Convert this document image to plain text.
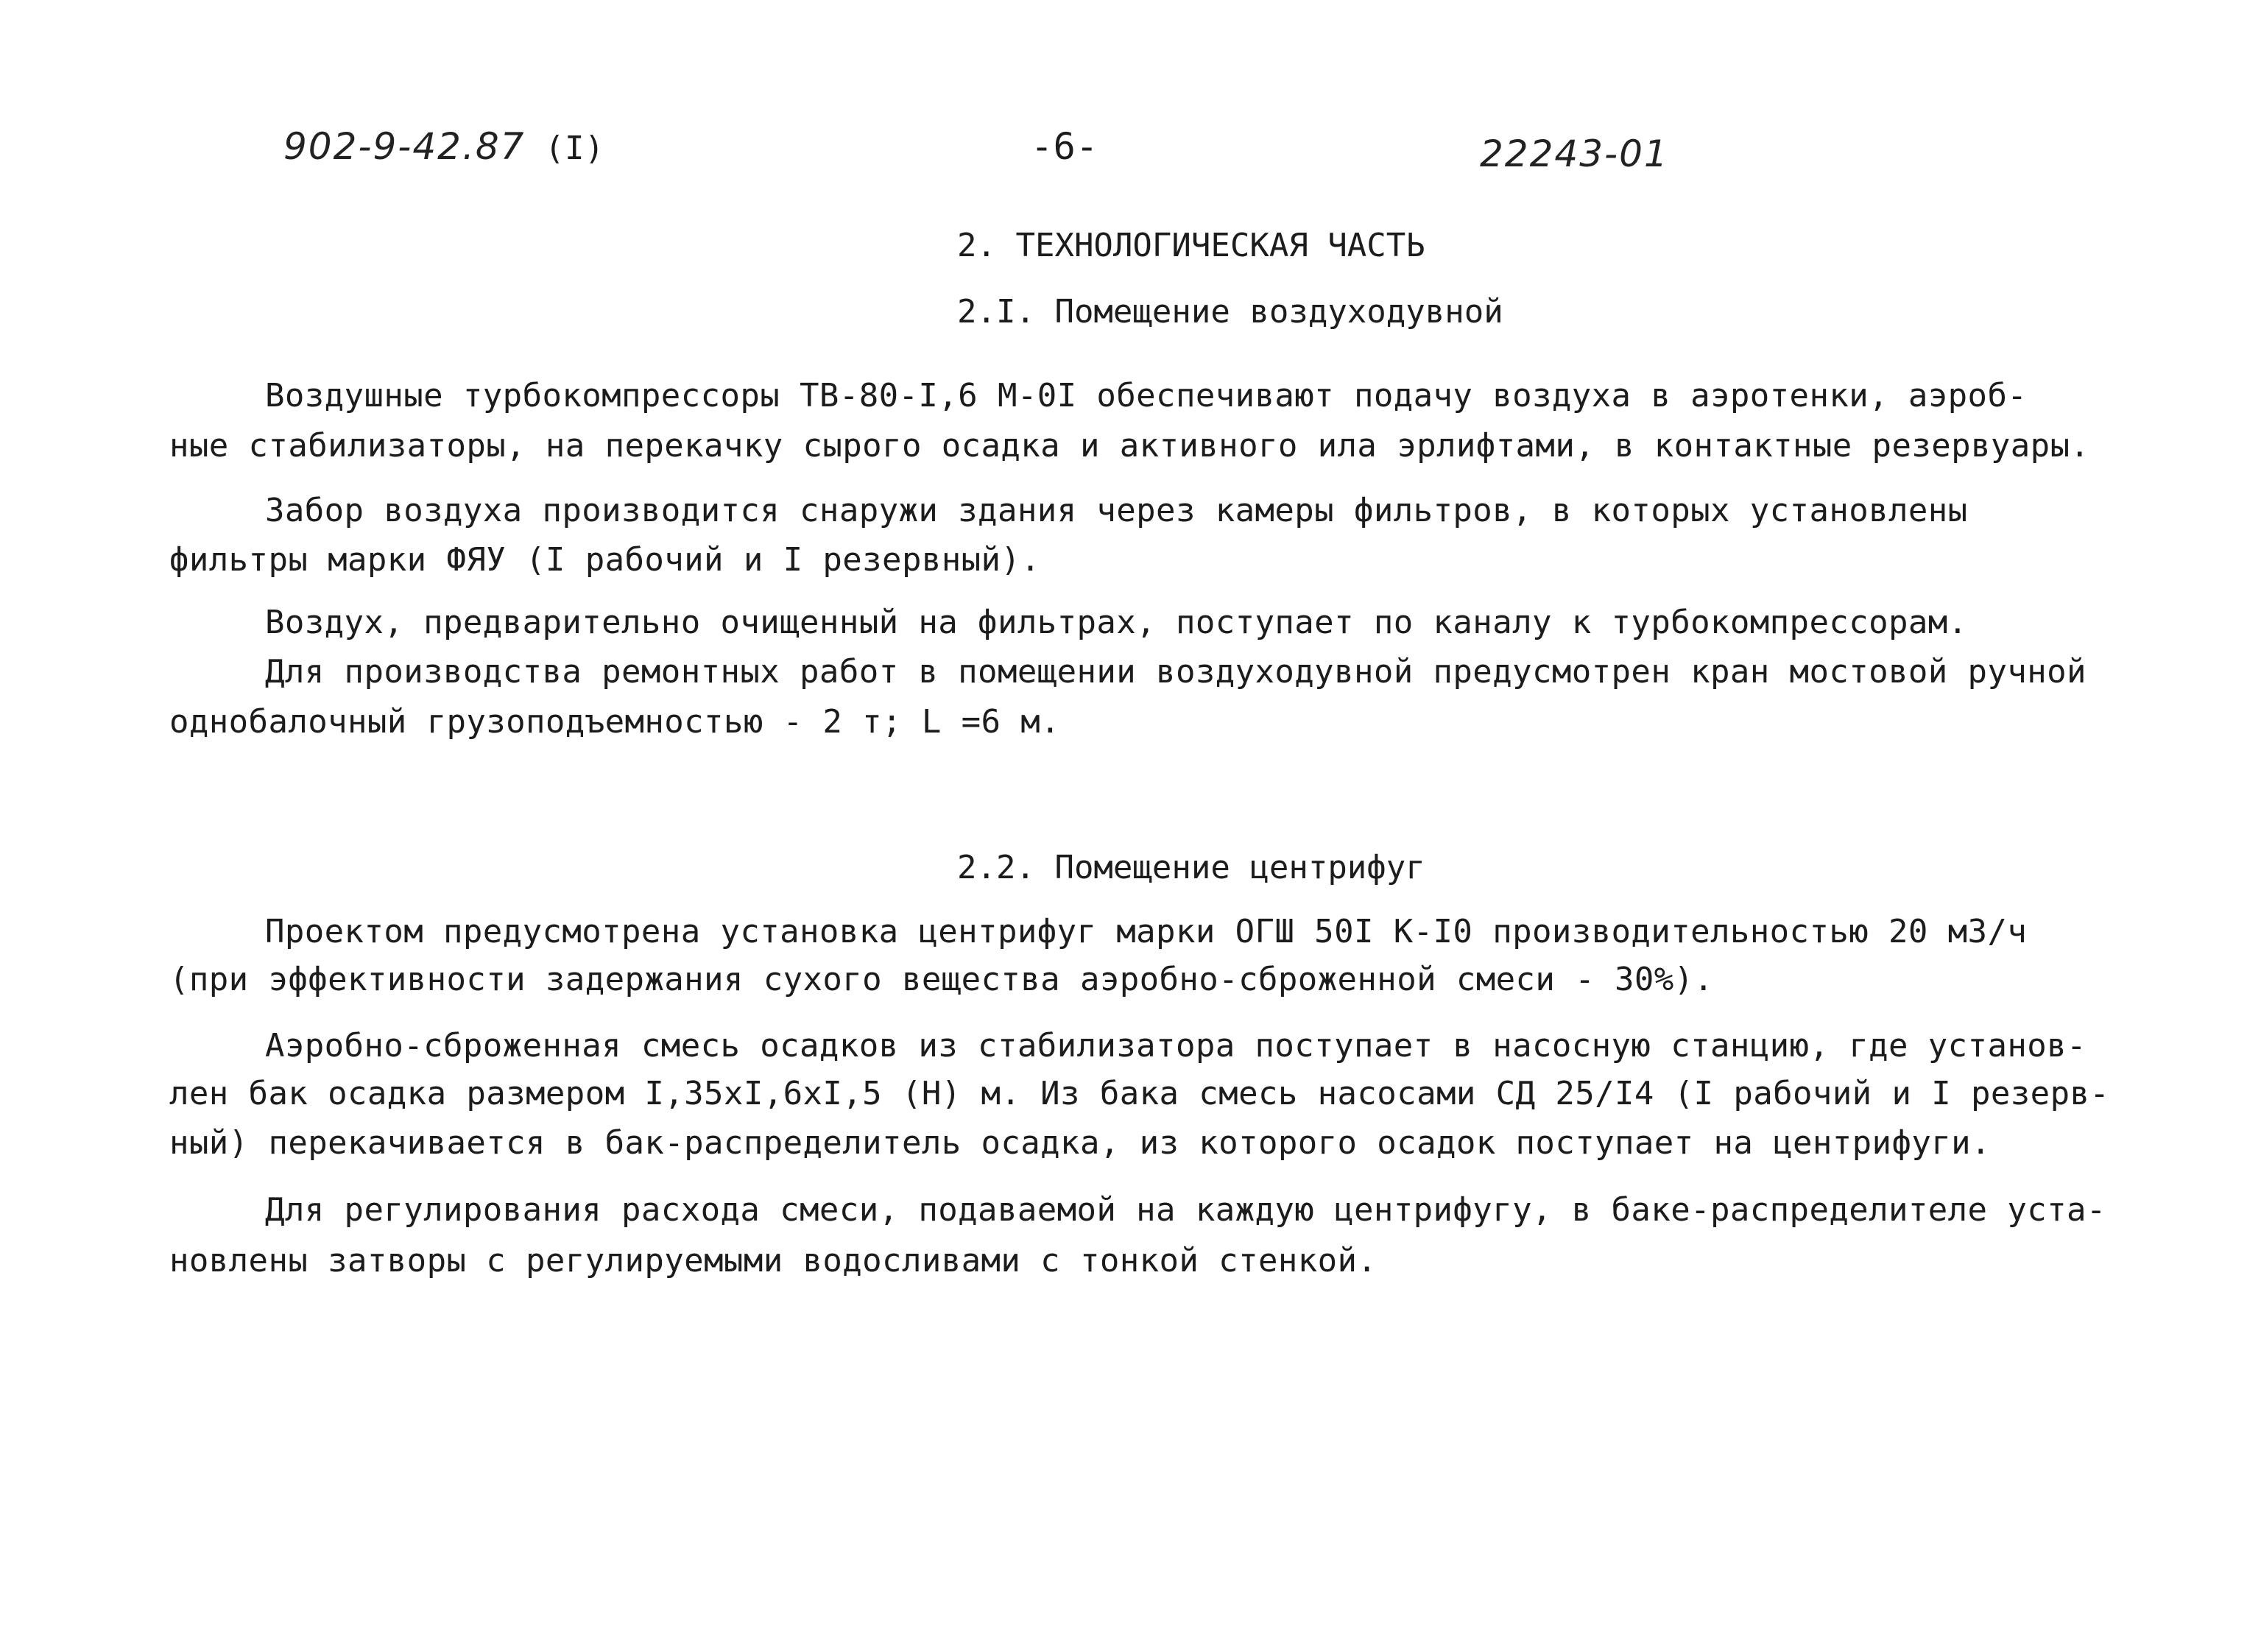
902-9-42.87 (I)	-6-	22243-01
2. ТЕХНОЛОГИЧЕСКАЯ ЧАСТЬ
2.I. Помещение воздуходувной
Воздушные турбокомпрессоры ТВ-80-I,6 М-0I обеспечивают подачу воздуха в аэротенки, аэроб-
ные стабилизаторы, на перекачку сырого осадка и активного ила эрлифтами, в контактные резервуары.
Забор воздуха производится снаружи здания через камеры фильтров, в которых установлены
фильтры марки ФЯУ (I рабочий и I резервный).
Воздух, предварительно очищенный на фильтрах, поступает по каналу к турбокомпрессорам.
Для производства ремонтных работ в помещении воздуходувной предусмотрен кран мостовой ручной
однобалочный грузоподъемностью - 2 т; L =6 м.
2.2. Помещение центрифуг
Проектом предусмотрена установка центрифуг марки ОГШ 50I К-I0 производительностью 20 м3/ч
(при эффективности задержания сухого вещества аэробно-сброженной смеси - 30%).
Аэробно-сброженная смесь осадков из стабилизатора поступает в насосную станцию, где установ-
лен бак осадка размером I,35xI,6xI,5 (Н) м. Из бака смесь насосами СД 25/I4 (I рабочий и I резерв-
ный) перекачивается в бак-распределитель осадка, из которого осадок поступает на центрифуги.
Для регулирования расхода смеси, подаваемой на каждую центрифугу, в баке-распределителе уста-
новлены затворы с регулируемыми водосливами с тонкой стенкой.
